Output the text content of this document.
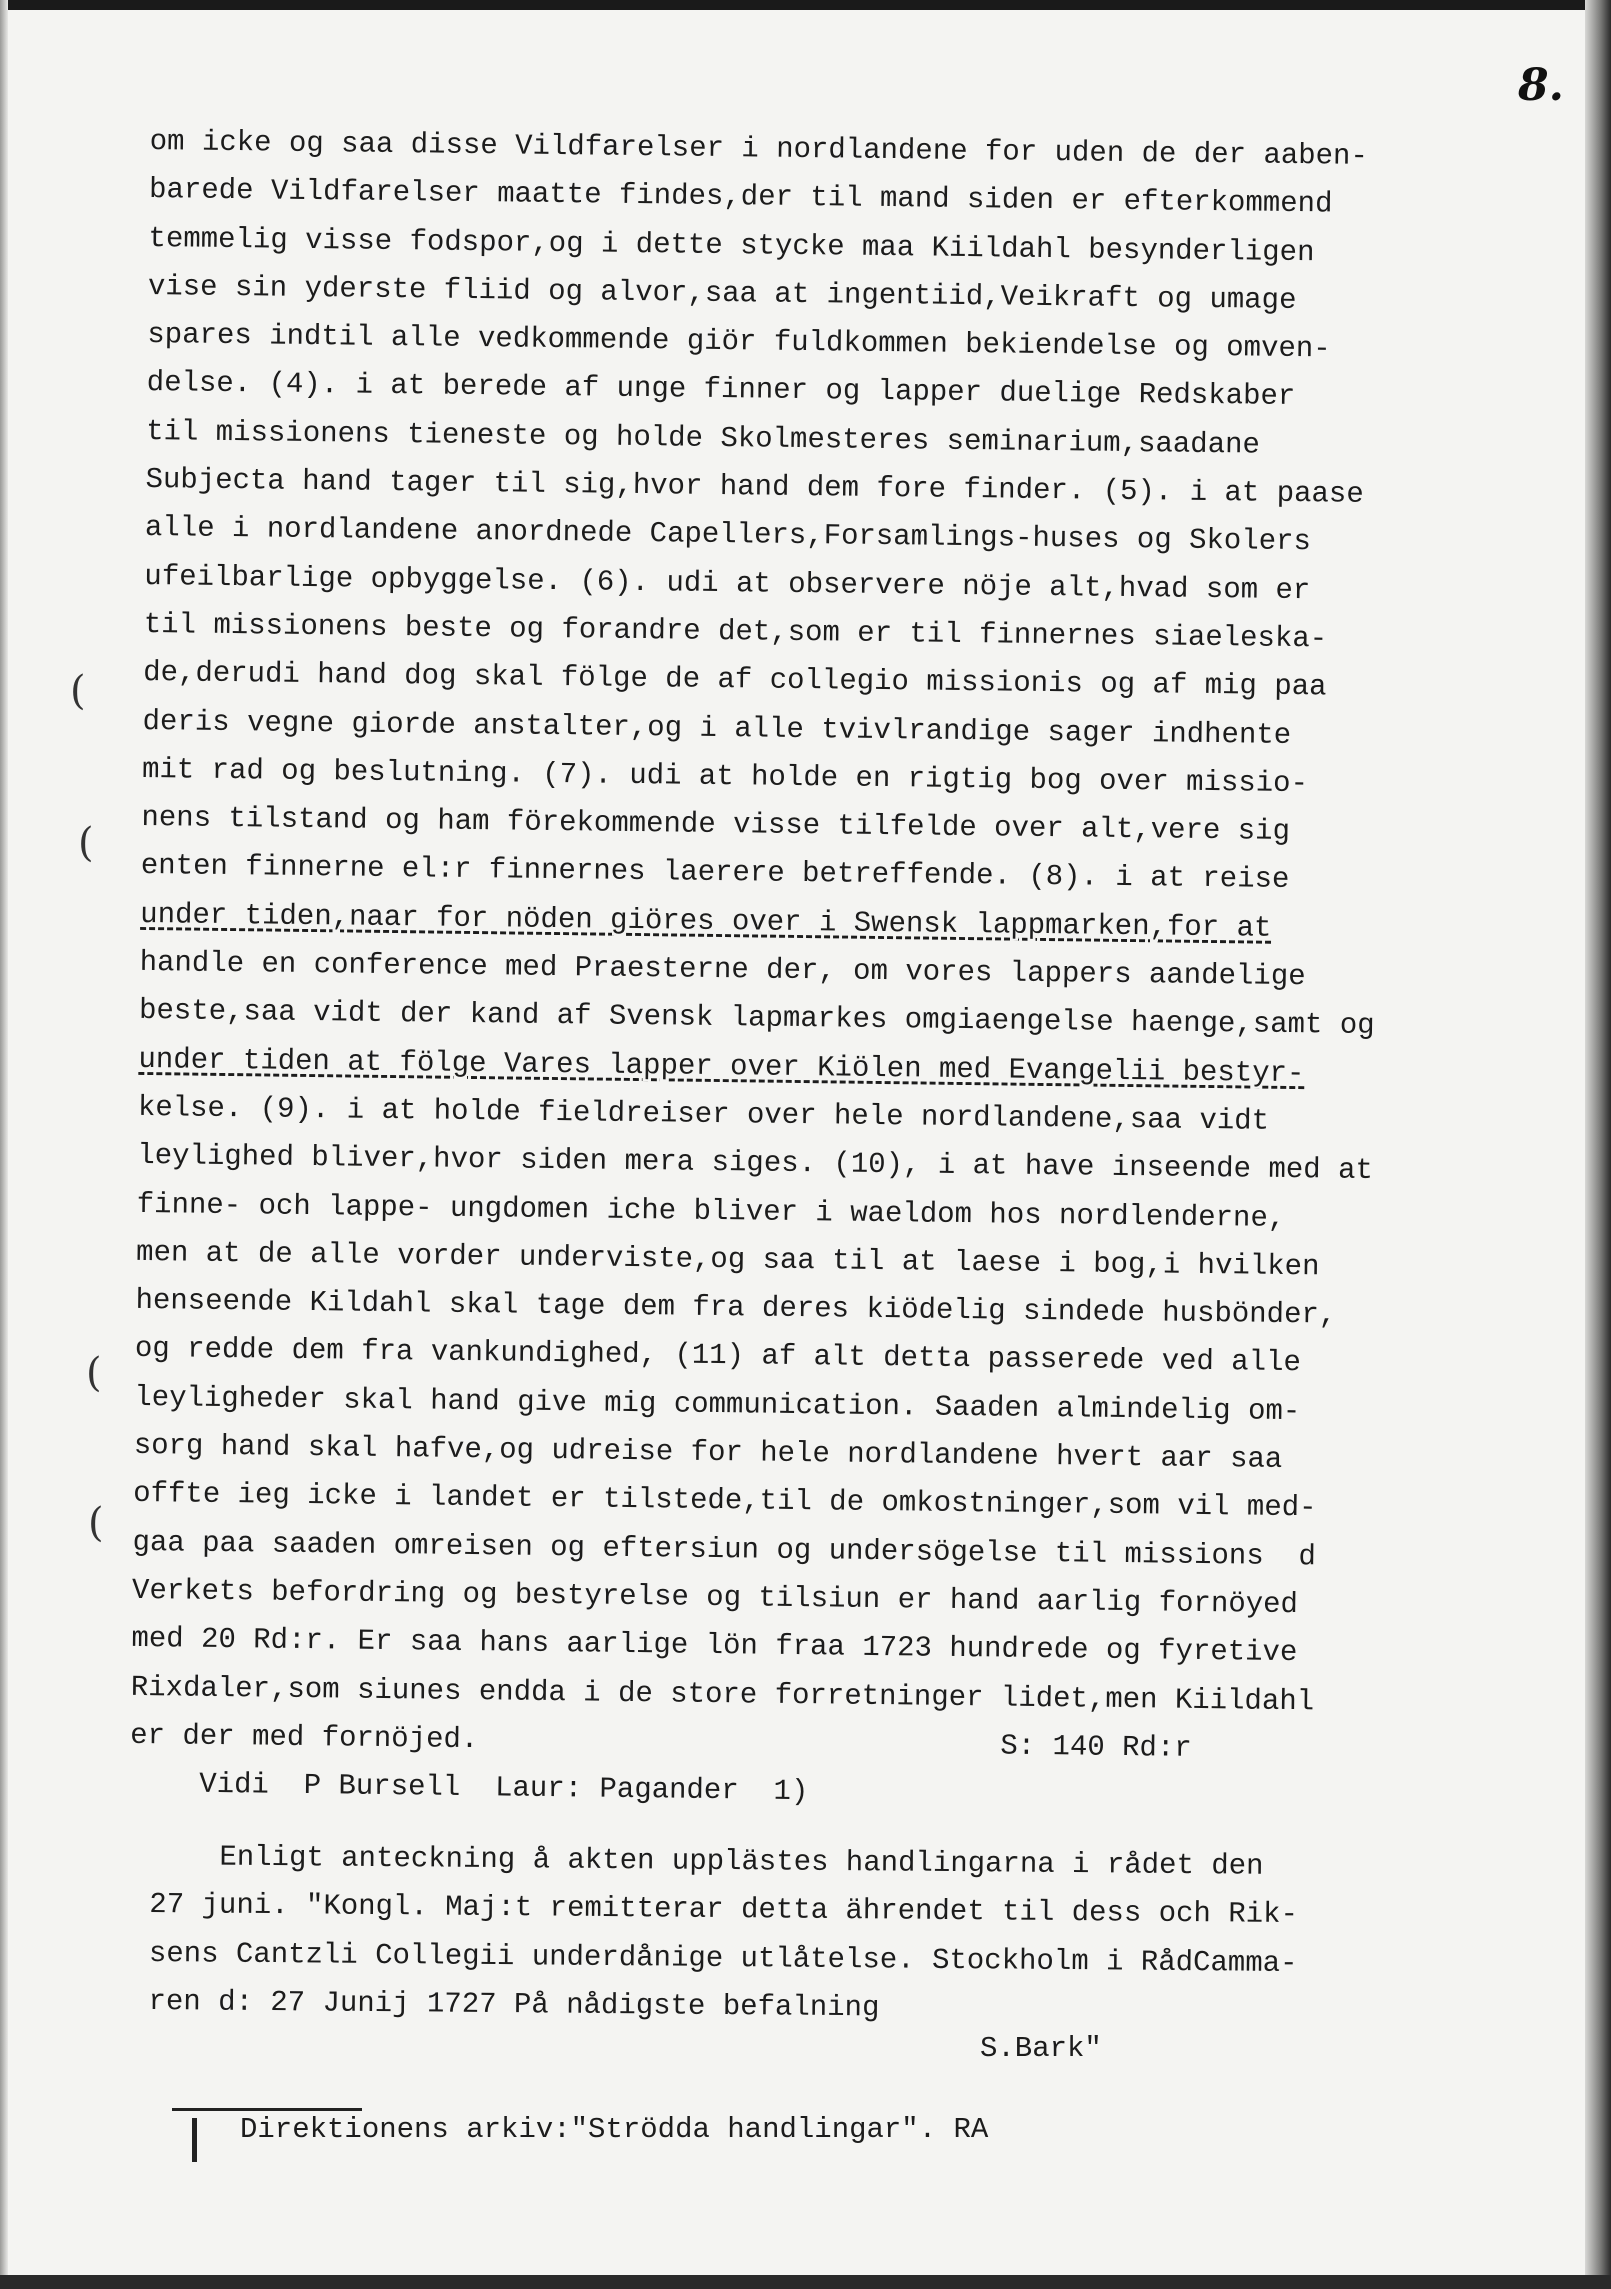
8.
(
(
(
(
om icke og saa disse Vildfarelser i nordlandene for uden de der aaben-
barede Vildfarelser maatte findes,der til mand siden er efterkommend
temmelig visse fodspor,og i dette stycke maa Kiildahl besynderligen
vise sin yderste fliid og alvor,saa at ingentiid,Veikraft og umage
spares indtil alle vedkommende giör fuldkommen bekiendelse og omven-
delse. (4). i at berede af unge finner og lapper duelige Redskaber
til missionens tieneste og holde Skolmesteres seminarium,saadane
Subjecta hand tager til sig,hvor hand dem fore finder. (5). i at paase
alle i nordlandene anordnede Capellers,Forsamlings-huses og Skolers
ufeilbarlige opbyggelse. (6). udi at observere nöje alt,hvad som er
til missionens beste og forandre det,som er til finnernes siaeleska-
de,derudi hand dog skal fölge de af collegio missionis og af mig paa
deris vegne giorde anstalter,og i alle tvivlrandige sager indhente
mit rad og beslutning. (7). udi at holde en rigtig bog over missio-
nens tilstand og ham förekommende visse tilfelde over alt,vere sig
enten finnerne el:r finnernes laerere betreffende. (8). i at reise
under tiden,naar for nöden giöres over i Swensk lappmarken,for at
handle en conference med Praesterne der, om vores lappers aandelige
beste,saa vidt der kand af Svensk lapmarkes omgiaengelse haenge,samt og
under tiden at fölge Vares lapper over Kiölen med Evangelii bestyr-
kelse. (9). i at holde fieldreiser over hele nordlandene,saa vidt
leylighed bliver,hvor siden mera siges. (10), i at have inseende med at
finne- och lappe- ungdomen iche bliver i waeldom hos nordlenderne,
men at de alle vorder underviste,og saa til at laese i bog,i hvilken
henseende Kildahl skal tage dem fra deres kiödelig sindede husbönder,
og redde dem fra vankundighed, (11) af alt detta passerede ved alle
leyligheder skal hand give mig communication. Saaden almindelig om-
sorg hand skal hafve,og udreise for hele nordlandene hvert aar saa
offte ieg icke i landet er tilstede,til de omkostninger,som vil med-
gaa paa saaden omreisen og eftersiun og undersögelse til missions  d
Verkets befordring og bestyrelse og tilsiun er hand aarlig fornöyed
med 20 Rd:r. Er saa hans aarlige lön fraa 1723 hundrede og fyretive
Rixdaler,som siunes endda i de store forretninger lidet,men Kiildahl
er der med fornöjed.                              S: 140 Rd:r
Vidi  P Bursell  Laur: Pagander  1)
Enligt anteckning å akten upplästes handlingarna i rådet den
27 juni. "Kongl. Maj:t remitterar detta ährendet til dess och Rik-
sens Cantzli Collegii underdånige utlåtelse. Stockholm i RådCamma-
ren d: 27 Junij 1727 På nådigste befalning
S.Bark"
Direktionens arkiv:"Strödda handlingar". RA
